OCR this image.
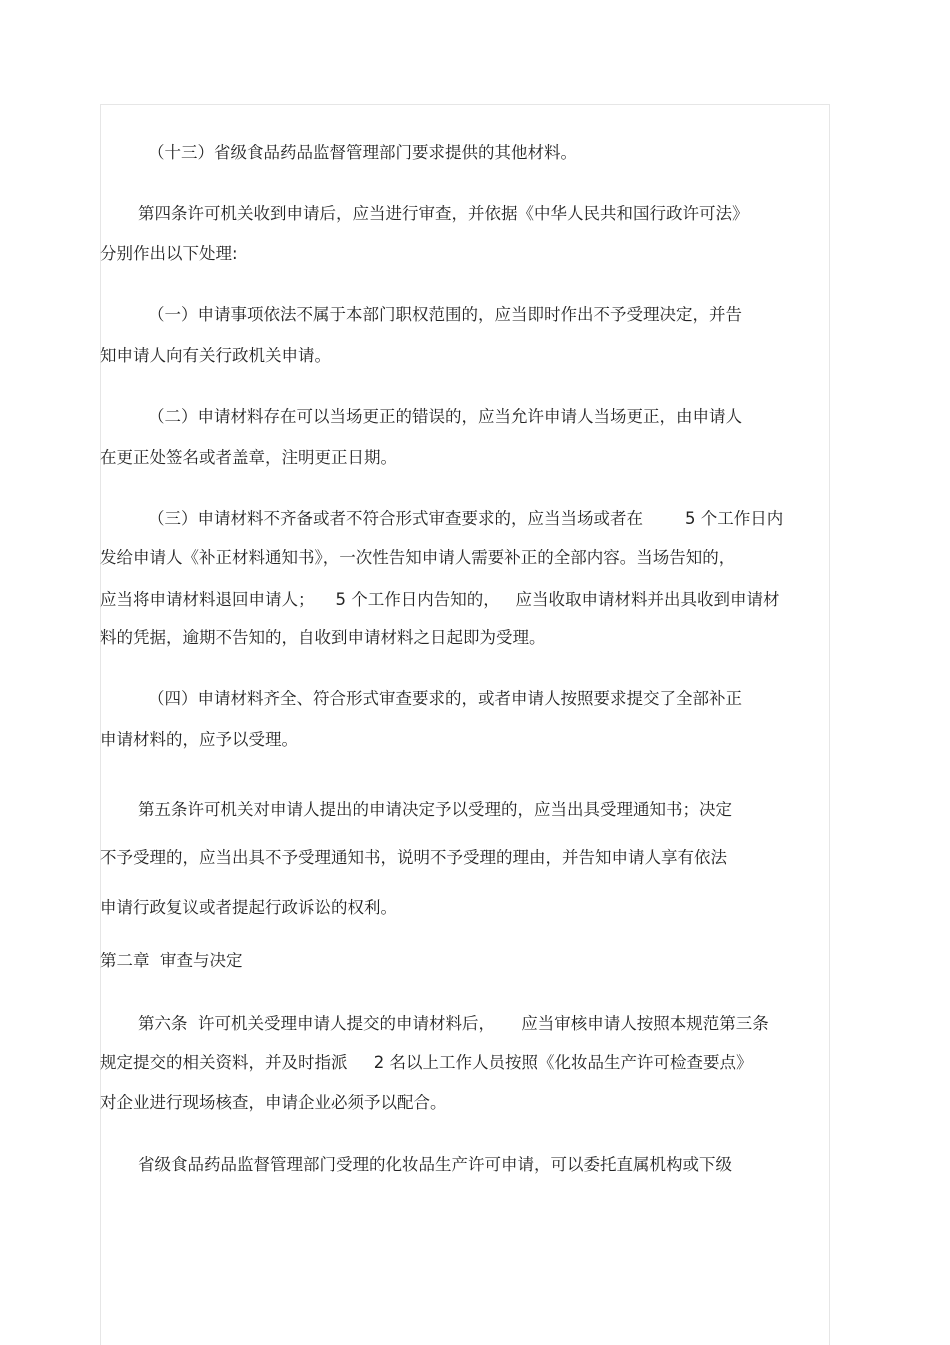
（十三）省级食品药品监督管理部门要求提供的其他材料。
第四条许可机关收到申请后，应当进行审查，并依据《中华人民共和国行政许可法》
分别作出以下处理:
（一）申请事项依法不属于本部门职权范围的，应当即时作出不予受理决定，并告
知申请人向有关行政机关申请。
（二）申请材料存在可以当场更正的错误的，应当允许申请人当场更正，由申请人
在更正处签名或者盖章，注明更正日期。
（三）申请材料不齐备或者不符合形式审查要求的，应当当场或者在        5 个工作日内
发给申请人《补正材料通知书》，一次性告知申请人需要补正的全部内容。当场告知的，
应当将申请材料退回申请人；    5 个工作日内告知的，   应当收取申请材料并出具收到申请材
料的凭据，逾期不告知的，自收到申请材料之日起即为受理。
（四）申请材料齐全、符合形式审查要求的，或者申请人按照要求提交了全部补正
申请材料的，应予以受理。
第五条许可机关对申请人提出的申请决定予以受理的，应当出具受理通知书；决定
不予受理的，应当出具不予受理通知书，说明不予受理的理由，并告知申请人享有依法
申请行政复议或者提起行政诉讼的权利。
第二章  审查与决定
第六条  许可机关受理申请人提交的申请材料后，     应当审核申请人按照本规范第三条
规定提交的相关资料，并及时指派     2 名以上工作人员按照《化妆品生产许可检查要点》
对企业进行现场核查，申请企业必须予以配合。
省级食品药品监督管理部门受理的化妆品生产许可申请，可以委托直属机构或下级
